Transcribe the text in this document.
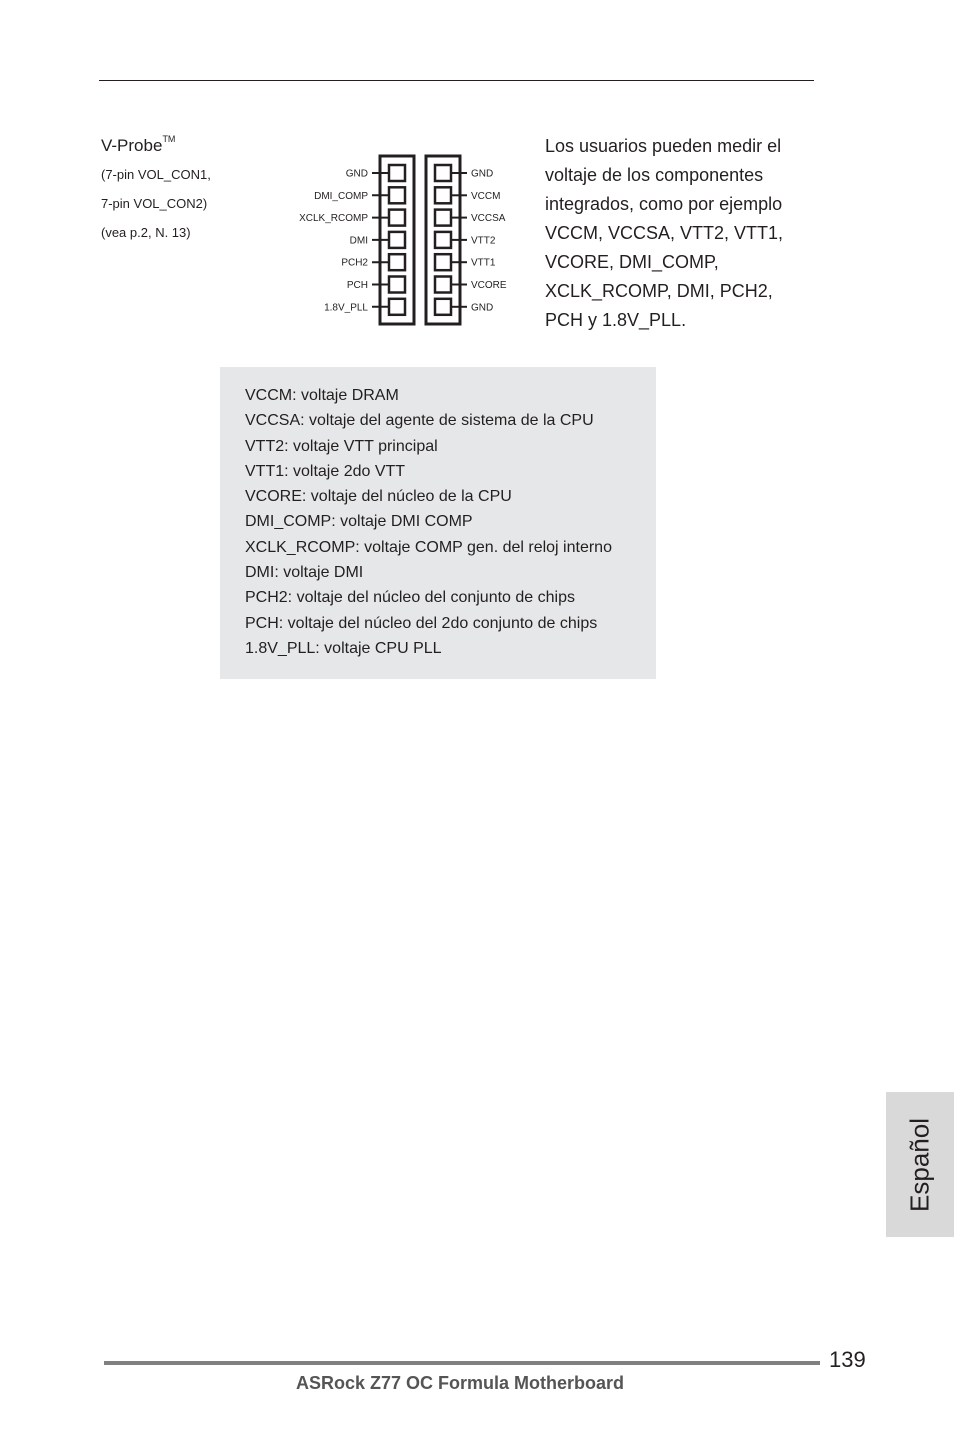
V-Probe™
(7-pin VOL_CON1,
7-pin VOL_CON2)
(vea p.2, N. 13)
GND	GND
DMI_COMP	VCCM
XCLK_RCOMP	VCCSA
DMI	VTT2
PCH2	VTT1
PCH	VCORE
1.8V_PLL	GND
Los usuarios pueden medir el
voltaje de los componentes
integrados, como por ejemplo
VCCM, VCCSA, VTT2, VTT1,
VCORE, DMI_COMP,
XCLK_RCOMP, DMI, PCH2,
PCH y 1.8V_PLL.
VCCM: voltaje DRAM
VCCSA: voltaje del agente de sistema de la CPU
VTT2: voltaje VTT principal
VTT1: voltaje 2do VTT
VCORE: voltaje del núcleo de la CPU
DMI_COMP: voltaje DMI COMP
XCLK_RCOMP: voltaje COMP gen. del reloj interno
DMI: voltaje DMI
PCH2: voltaje del núcleo del conjunto de chips
PCH: voltaje del núcleo del 2do conjunto de chips
1.8V_PLL: voltaje CPU PLL
Español
139
ASRock Z77 OC Formula Motherboard
